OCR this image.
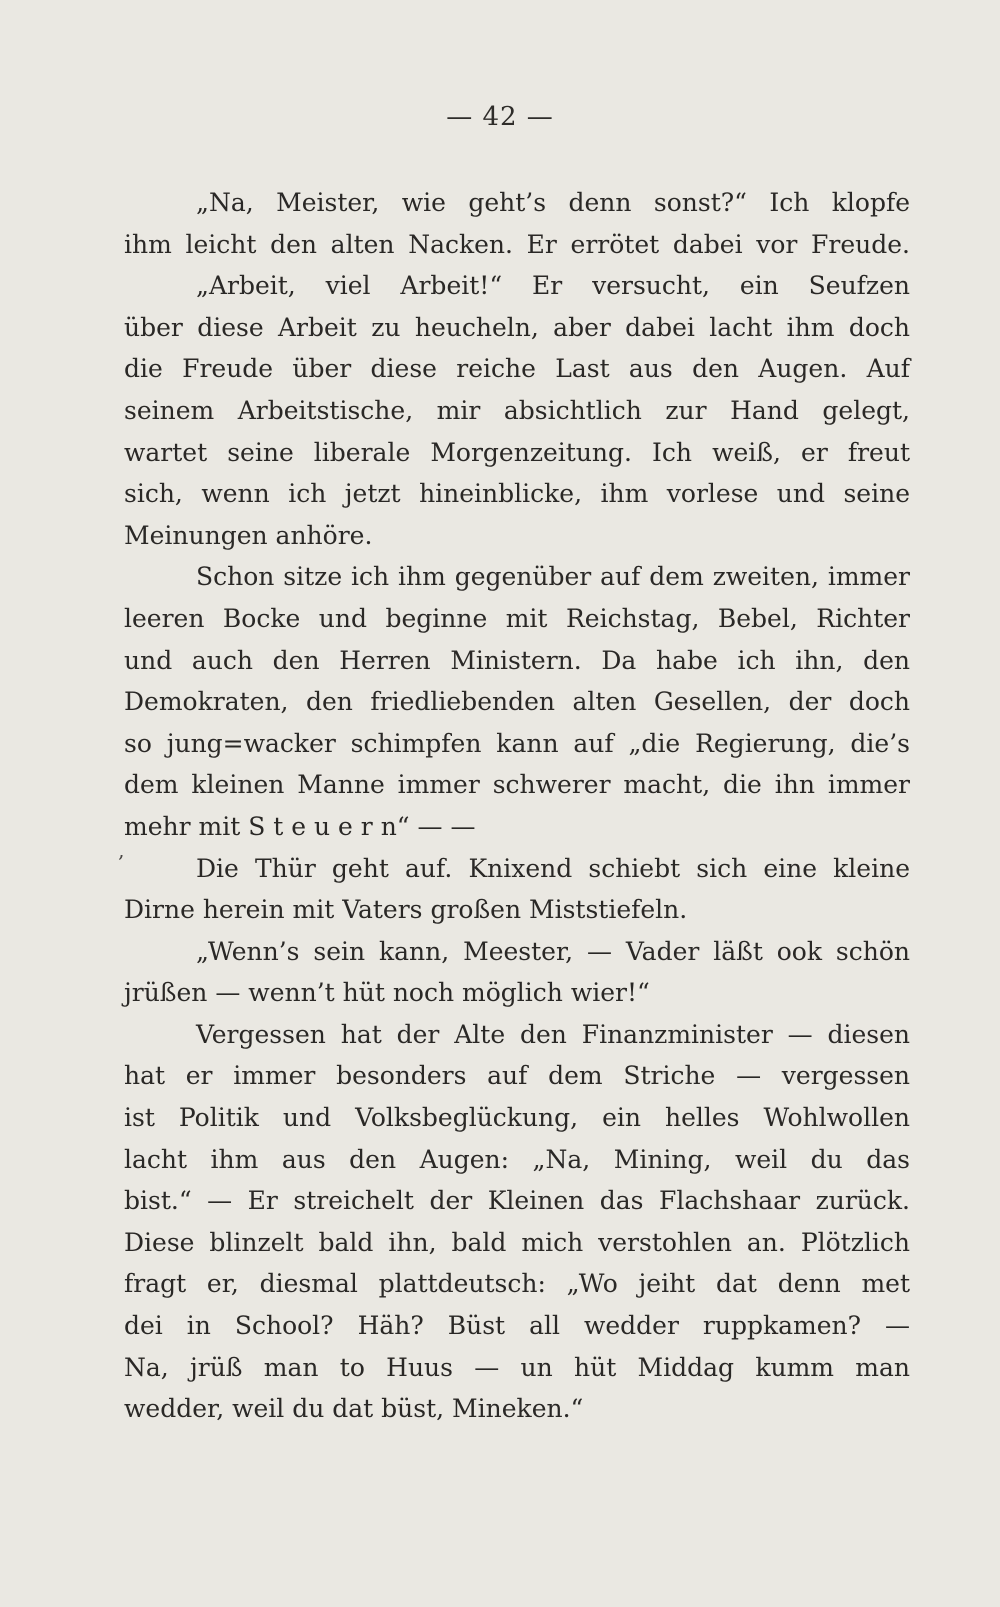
— 42 —
‚
„Na, Meister, wie geht’s denn sonst?“ Ich klopfe
ihm leicht den alten Nacken. Er errötet dabei vor Freude.
„Arbeit, viel Arbeit!“ Er versucht, ein Seufzen
über diese Arbeit zu heucheln, aber dabei lacht ihm doch
die Freude über diese reiche Last aus den Augen. Auf
seinem Arbeitstische, mir absichtlich zur Hand gelegt,
wartet seine liberale Morgenzeitung. Ich weiß, er freut
sich, wenn ich jetzt hineinblicke, ihm vorlese und seine
Meinungen anhöre.
Schon sitze ich ihm gegenüber auf dem zweiten, immer
leeren Bocke und beginne mit Reichstag, Bebel, Richter
und auch den Herren Ministern. Da habe ich ihn, den
Demokraten, den friedliebenden alten Gesellen, der doch
so jung=wacker schimpfen kann auf „die Regierung, die’s
dem kleinen Manne immer schwerer macht, die ihn immer
mehr mit S t e u e r n“ — —
Die Thür geht auf. Knixend schiebt sich eine kleine
Dirne herein mit Vaters großen Miststiefeln.
„Wenn’s sein kann, Meester, — Vader läßt ook schön
jrüßen — wenn’t hüt noch möglich wier!“
Vergessen hat der Alte den Finanzminister — diesen
hat er immer besonders auf dem Striche — vergessen
ist Politik und Volksbeglückung, ein helles Wohlwollen
lacht ihm aus den Augen: „Na, Mining, weil du das
bist.“ — Er streichelt der Kleinen das Flachshaar zurück.
Diese blinzelt bald ihn, bald mich verstohlen an. Plötzlich
fragt er, diesmal plattdeutsch: „Wo jeiht dat denn met
dei in School? Häh? Büst all wedder ruppkamen? —
Na, jrüß man to Huus — un hüt Middag kumm man
wedder, weil du dat büst, Mineken.“
